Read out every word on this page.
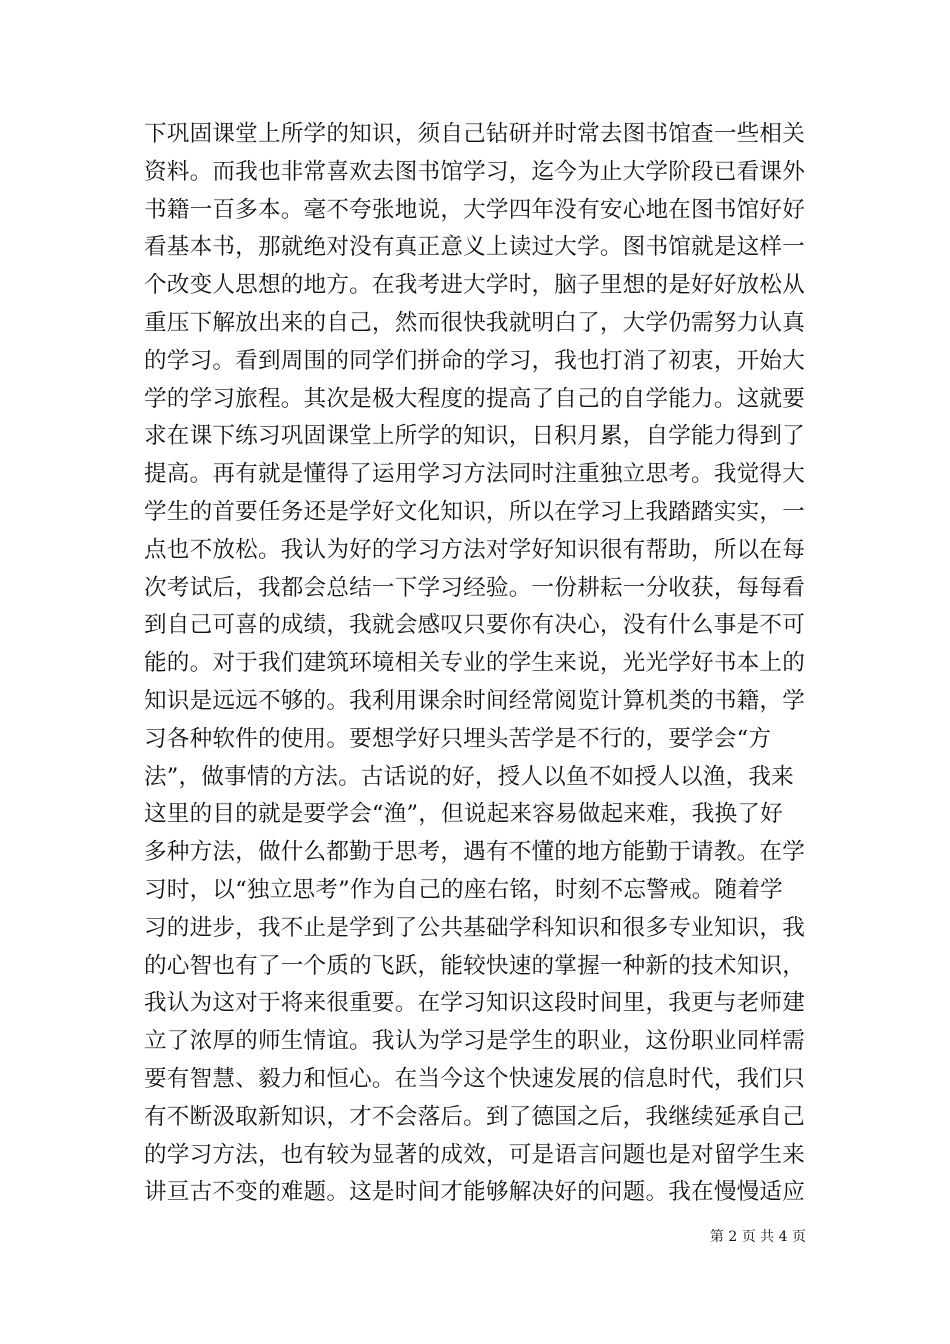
下巩固课堂上所学的知识，须自己钻研并时常去图书馆查一些相关
资料。而我也非常喜欢去图书馆学习，迄今为止大学阶段已看课外
书籍一百多本。毫不夸张地说，大学四年没有安心地在图书馆好好
看基本书，那就绝对没有真正意义上读过大学。图书馆就是这样一
个改变人思想的地方。在我考进大学时，脑子里想的是好好放松从
重压下解放出来的自己，然而很快我就明白了，大学仍需努力认真
的学习。看到周围的同学们拼命的学习，我也打消了初衷，开始大
学的学习旅程。其次是极大程度的提高了自己的自学能力。这就要
求在课下练习巩固课堂上所学的知识，日积月累，自学能力得到了
提高。再有就是懂得了运用学习方法同时注重独立思考。我觉得大
学生的首要任务还是学好文化知识，所以在学习上我踏踏实实，一
点也不放松。我认为好的学习方法对学好知识很有帮助，所以在每
次考试后，我都会总结一下学习经验。一份耕耘一分收获，每每看
到自己可喜的成绩，我就会感叹只要你有决心，没有什么事是不可
能的。对于我们建筑环境相关专业的学生来说，光光学好书本上的
知识是远远不够的。我利用课余时间经常阅览计算机类的书籍，学
习各种软件的使用。要想学好只埋头苦学是不行的，要学会“方
法”，做事情的方法。古话说的好，授人以鱼不如授人以渔，我来
这里的目的就是要学会“渔”，但说起来容易做起来难，我换了好
多种方法，做什么都勤于思考，遇有不懂的地方能勤于请教。在学
习时，以“独立思考”作为自己的座右铭，时刻不忘警戒。随着学
习的进步，我不止是学到了公共基础学科知识和很多专业知识，我
的心智也有了一个质的飞跃，能较快速的掌握一种新的技术知识，
我认为这对于将来很重要。在学习知识这段时间里，我更与老师建
立了浓厚的师生情谊。我认为学习是学生的职业，这份职业同样需
要有智慧、毅力和恒心。在当今这个快速发展的信息时代，我们只
有不断汲取新知识，才不会落后。到了德国之后，我继续延承自己
的学习方法，也有较为显著的成效，可是语言问题也是对留学生来
讲亘古不变的难题。这是时间才能够解决好的问题。我在慢慢适应
第 2 页 共 4 页
